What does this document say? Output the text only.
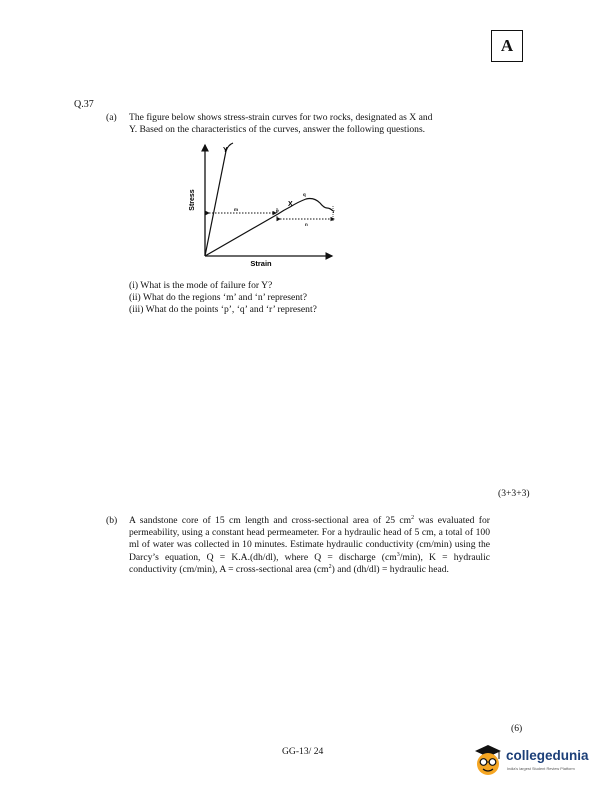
A
Q.37
(a) The figure below shows stress-strain curves for two rocks, designated as X and
Y. Based on the characteristics of the curves, answer the following questions.
Stress
Strain
Y
X
m
n
p
q
r
(i) What is the mode of failure for Y?
(ii) What do the regions ‘m’ and ‘n’ represent?
(iii) What do the points ‘p’, ‘q’ and ‘r’ represent?
(3+3+3)
(b) A sandstone core of 15 cm length and cross-sectional area of 25 $cm^2$ was evaluated for permeability, using a constant head permeameter. For a hydraulic head of 5 cm, a total of 100 ml of water was collected in 10 minutes. Estimate hydraulic conductivity (cm/min) using the Darcy’s equation, Q = K.A.(dh/dl), where Q = discharge $(cm^3/\min)$, K = hydraulic conductivity (cm/min), A = cross-sectional area $(cm^2)$ and (dh/dl) = hydraulic head.
(6)
GG-13/ 24	collegedunia
India's largest Student Review Platform
